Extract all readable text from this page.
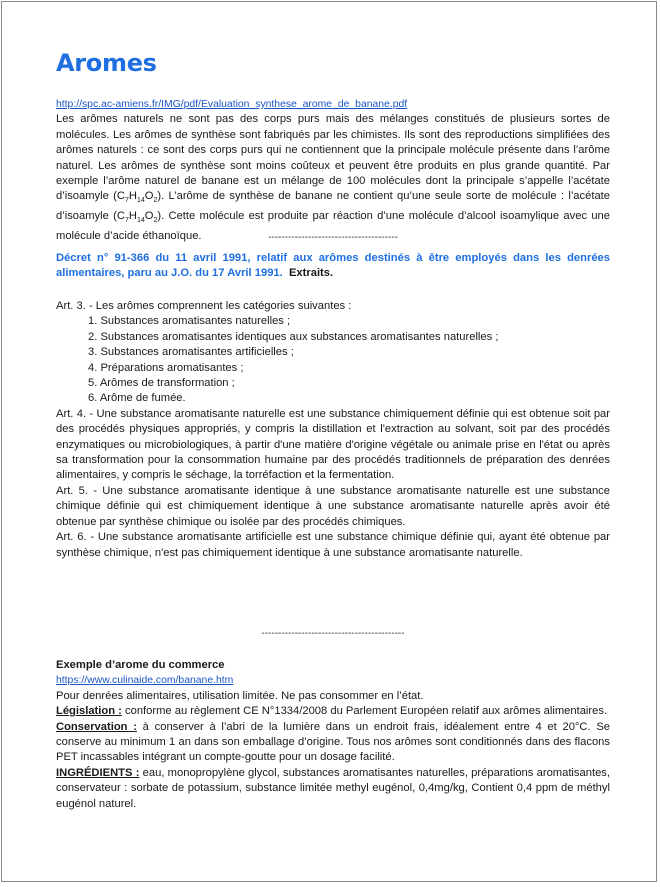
Aromes
http://spc.ac-amiens.fr/IMG/pdf/Evaluation_synthese_arome_de_banane.pdf

Les arômes naturels ne sont pas des corps purs mais des mélanges constitués de plusieurs sortes de molécules. Les arômes de synthèse sont fabriqués par les chimistes. Ils sont des reproductions simplifiées des arômes naturels : ce sont des corps purs qui ne contiennent que la principale molécule présente dans l’arôme naturel. Les arômes de synthèse sont moins coûteux et peuvent être produits en plus grande quantité. Par exemple l’arôme naturel de banane est un mélange de 100 molécules dont la principale s’appelle l’acétate d’isoamyle $(C_7H_{14}O_2)$. L’arôme de synthèse de banane ne contient qu’une seule sorte de molécule : l’acétate d’isoamyle $(C_7H_{14}O_2)$. Cette molécule est produite par réaction d’une molécule d’alcool isoamylique avec une molécule d’acide éthanoïque.	---------------------------------------
Décret n° 91-366 du 11 avril 1991, relatif aux arômes destinés à être employés dans les denrées alimentaires, paru au J.O. du 17 Avril 1991. Extraits.
Art. 3. - Les arômes comprennent les catégories suivantes :
1. Substances aromatisantes naturelles ;
2. Substances aromatisantes identiques aux substances aromatisantes naturelles ;
3. Substances aromatisantes artificielles ;
4. Préparations aromatisantes ;
5. Arômes de transformation ;
6. Arôme de fumée.

Art. 4. - Une substance aromatisante naturelle est une substance chimiquement définie qui est obtenue soit par des procédés physiques appropriés, y compris la distillation et l'extraction au solvant, soit par des procédés enzymatiques ou microbiologiques, à partir d'une matière d'origine végétale ou animale prise en l'état ou après sa transformation pour la consommation humaine par des procédés traditionnels de préparation des denrées alimentaires, y compris le séchage, la torréfaction et la fermentation.

Art. 5. - Une substance aromatisante identique à une substance aromatisante naturelle est une substance chimique définie qui est chimiquement identique à une substance aromatisante naturelle après avoir été obtenue par synthèse chimique ou isolée par des procédés chimiques.

Art. 6. - Une substance aromatisante artificielle est une substance chimique définie qui, ayant été obtenue par synthèse chimique, n'est pas chimiquement identique à une substance aromatisante naturelle.

-------------------------------------------
Exemple d’arome du commerce
https://www.culinaide.com/banane.htm
Pour denrées alimentaires, utilisation limitée. Ne pas consommer en l’état.

Législation : conforme au règlement CE N°1334/2008 du Parlement Européen relatif aux arômes alimentaires.

Conservation : à conserver à l’abri de la lumière dans un endroit frais, idéalement entre 4 et 20°C. Se conserve au minimum 1 an dans son emballage d’origine. Tous nos arômes sont conditionnés dans des flacons PET incassables intégrant un compte-goutte pour un dosage facilité.

INGRÉDIENTS : eau, monopropylène glycol, substances aromatisantes naturelles, préparations aromatisantes, conservateur : sorbate de potassium, substance limitée methyl eugénol, 0,4mg/kg, Contient 0,4 ppm de méthyl eugénol naturel.
